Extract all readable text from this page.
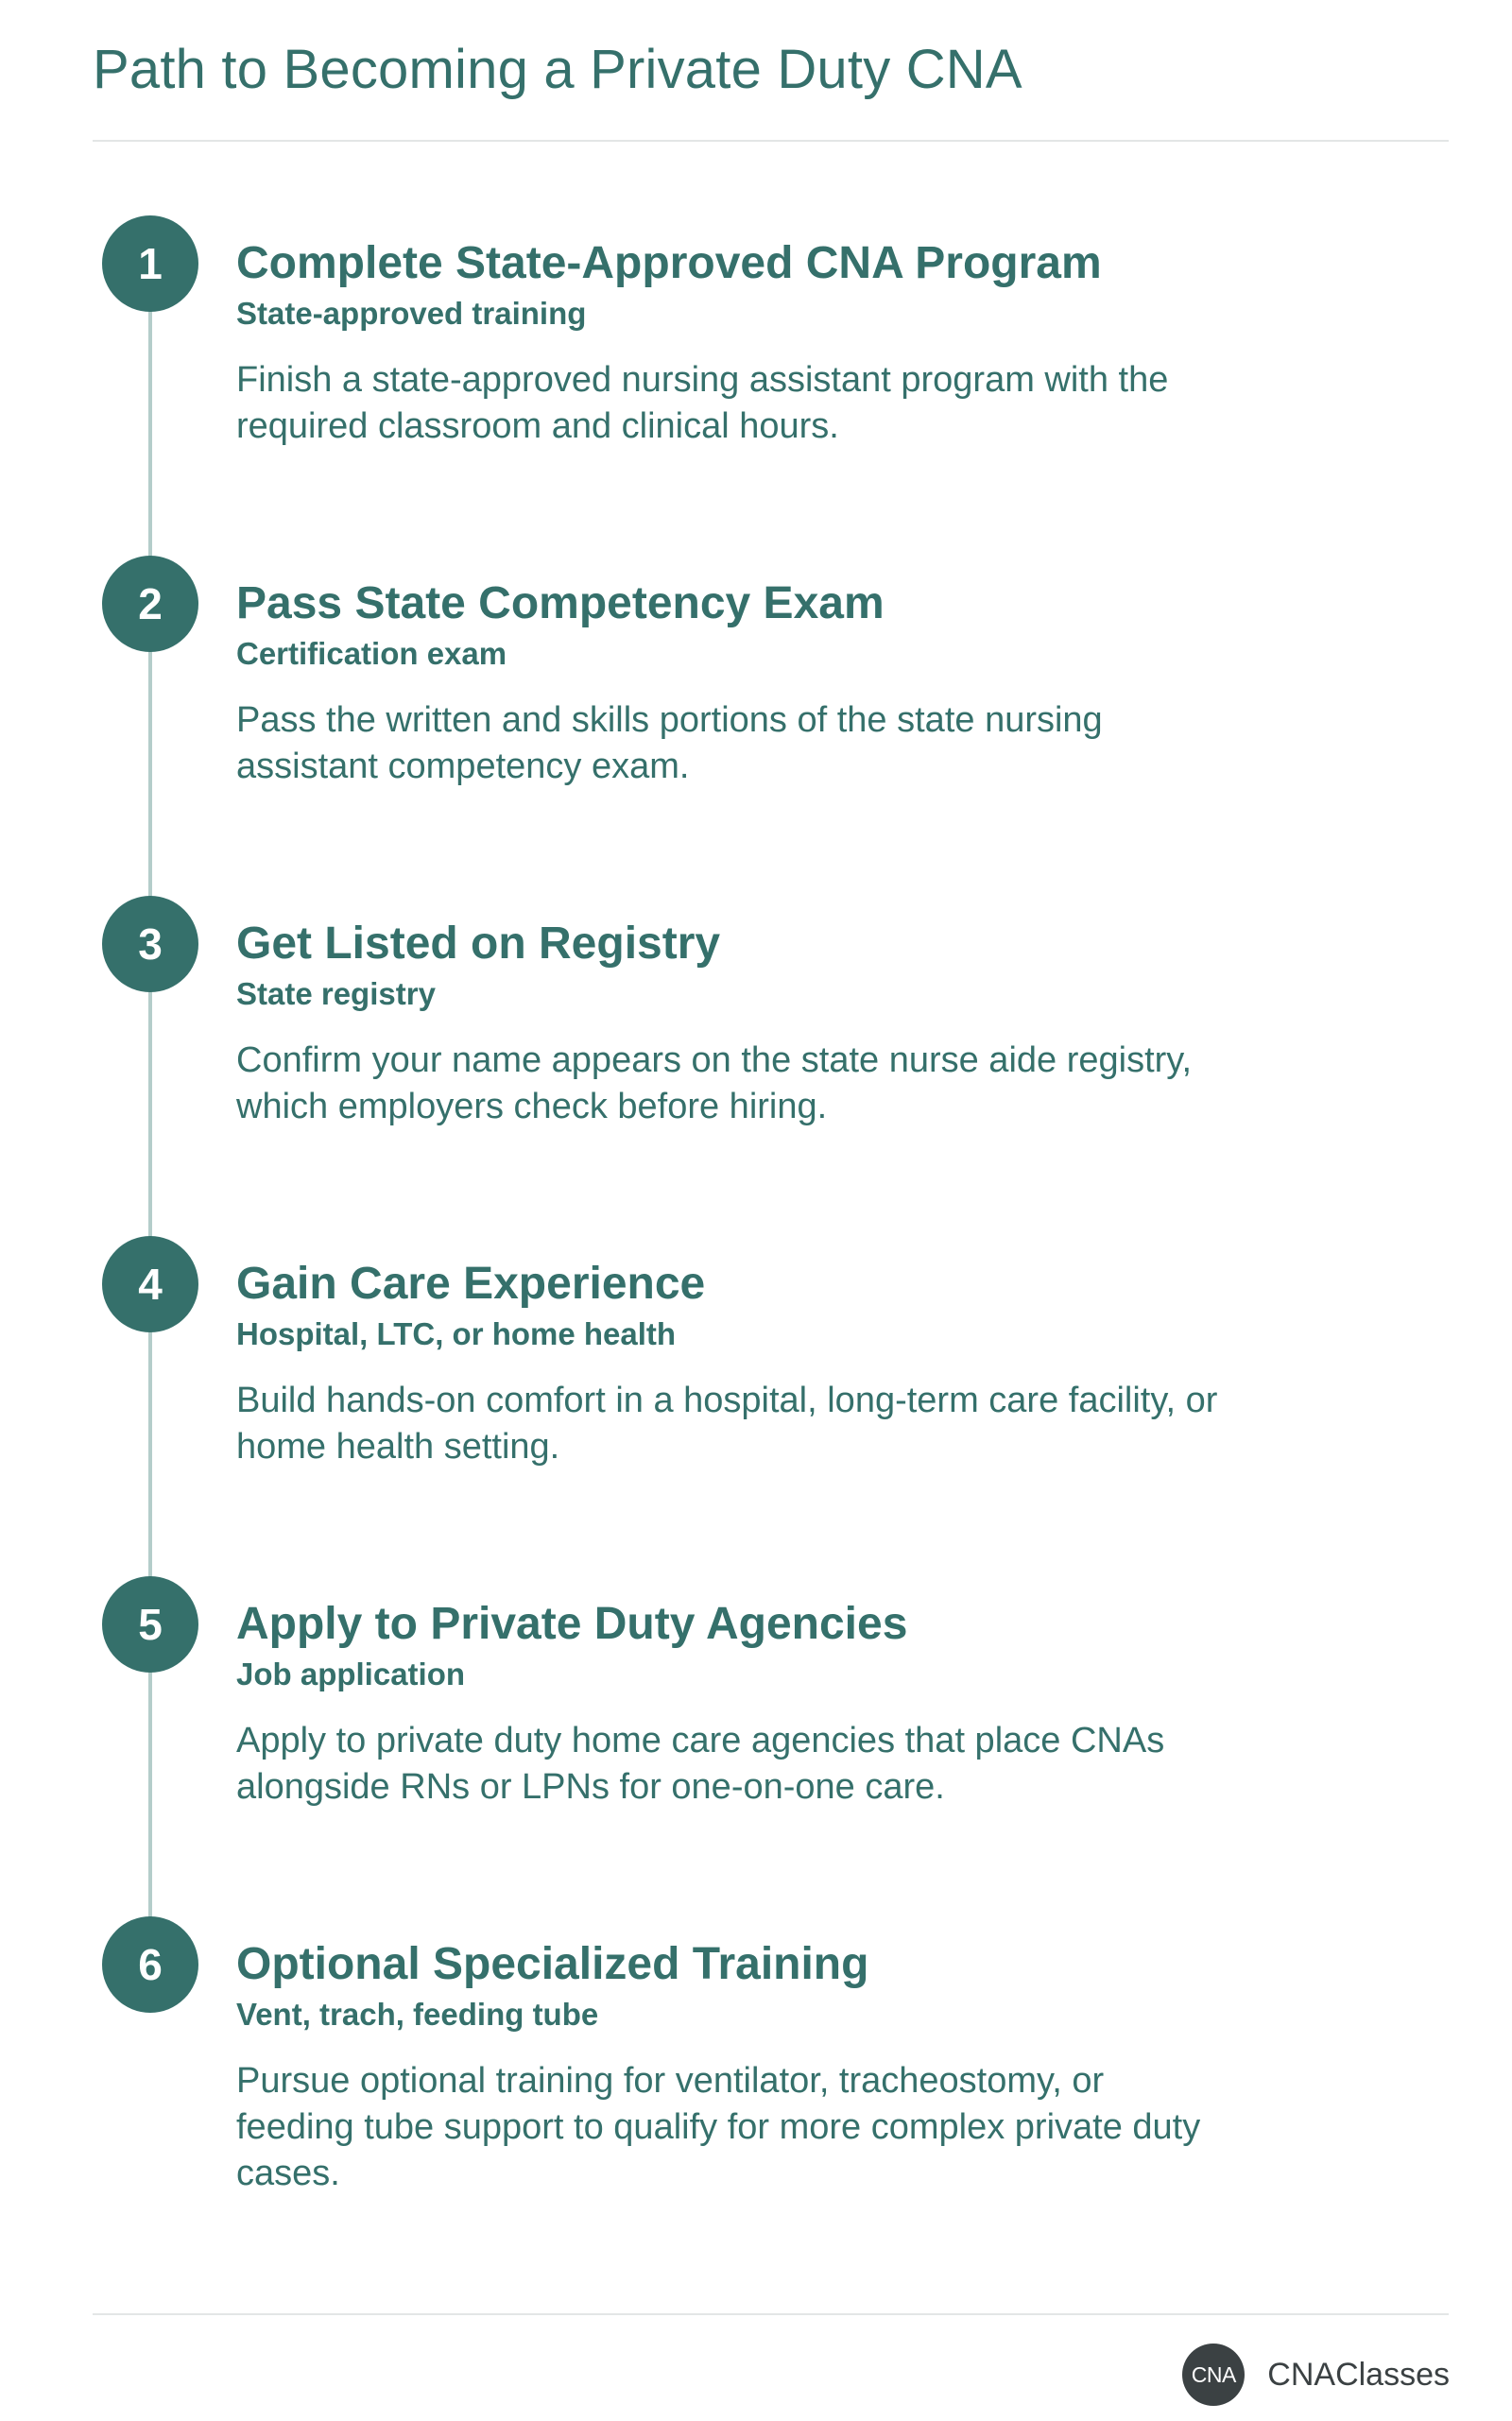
Path to Becoming a Private Duty CNA
1	Complete State-Approved CNA Program
State-approved training
Finish a state-approved nursing assistant program with the required classroom and clinical hours.
2	Pass State Competency Exam
Certification exam
Pass the written and skills portions of the state nursing assistant competency exam.
3	Get Listed on Registry
State registry
Confirm your name appears on the state nurse aide registry, which employers check before hiring.
4	Gain Care Experience
Hospital, LTC, or home health
Build hands-on comfort in a hospital, long-term care facility, or home health setting.
5	Apply to Private Duty Agencies
Job application
Apply to private duty home care agencies that place CNAs alongside RNs or LPNs for one-on-one care.
6	Optional Specialized Training
Vent, trach, feeding tube
Pursue optional training for ventilator, tracheostomy, or feeding tube support to qualify for more complex private duty cases.
CNA CNAClasses
